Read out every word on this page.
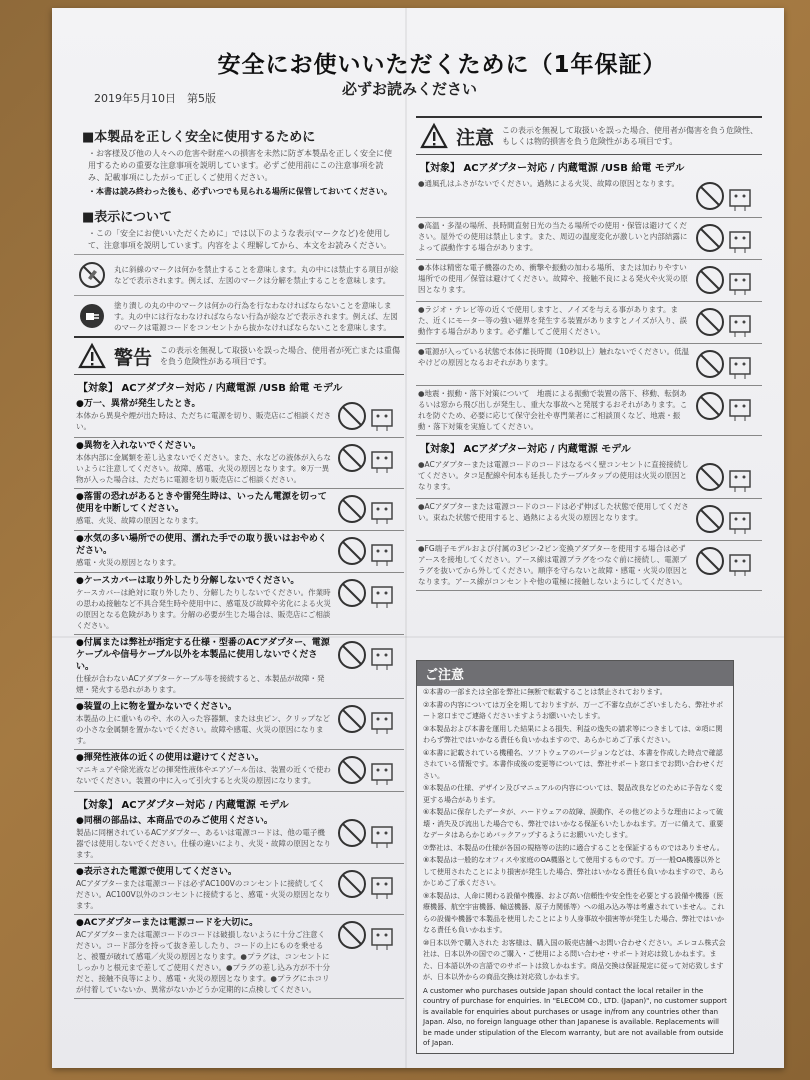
安全にお使いいただくために（1年保証）
必ずお読みください
2019年5月10日　第5版
■本製品を正しく安全に使用するために
・お客様及び他の人々への危害や財産への損害を未然に防ぎ本製品を正しく安全に使用するための重要な注意事項を説明しています。必ずご使用前にこの注意事項を読み、記載事項にしたがって正しくご使用ください。
・本書は読み終わった後も、必ずいつでも見られる場所に保管しておいてください。
■表示について
・この「安全にお使いいただくために」では以下のような表示(マークなど)を使用して、注意事項を説明しています。内容をよく理解してから、本文をお読みください。
丸に斜線のマークは何かを禁止することを意味します。丸の中には禁止する項目が絵などで表示されます。例えば、左図のマークは分解を禁止することを意味します。
塗り潰しの丸の中のマークは何かの行為を行なわなければならないことを意味します。丸の中には行なわなければならない行為が絵などで表示されます。例えば、左図のマークは電源コードをコンセントから抜かなければならないことを意味します。
警告 この表示を無視して取扱いを誤った場合、使用者が死亡または重傷を負う危険性がある項目です。
【対象】 ACアダプター対応 / 内蔵電源 /USB 給電 モデル
●万一、異常が発生したとき。
本体から異臭や煙が出た時は、ただちに電源を切り、販売店にご相談ください。
●異物を入れないでください。
本体内部に金属類を差し込まないでください。また、水などの液体が入らないように注意してください。故障、感電、火災の原因となります。※万一異物が入った場合は、ただちに電源を切り販売店にご相談ください。
●落雷の恐れがあるときや雷発生時は、いったん電源を切って使用を中断してください。
感電、火災、故障の原因となります。
●水気の多い場所での使用、濡れた手での取り扱いはおやめください。
感電・火災の原因となります。
●ケースカバーは取り外したり分解しないでください。
ケースカバーは絶対に取り外したり、分解したりしないでください。作業時の思わぬ接触など不具合発生時や使用中に、感電及び故障や劣化による火災の原因となる危険があります。分解の必要が生じた場合は、販売店にご相談ください。
●付属または弊社が指定する仕様・型番のACアダプター、電源ケーブルや信号ケーブル以外を本製品に使用しないでください。
仕様が合わないACアダプターケーブル等を接続すると、本製品が故障・発煙・発火する恐れがあります。
●装置の上に物を置かないでください。
本製品の上に重いものや、水の入った容器類、または虫ピン、クリップなどの小さな金属類を置かないでください。故障や感電、火災の原因になります。
●揮発性液体の近くの使用は避けてください。
マニキュアや除光液などの揮発性液体やエアゾール缶は、装置の近くで使わないでください。装置の中に入って引火すると火災の原因になります。
【対象】 ACアダプター対応 / 内蔵電源 モデル
●同梱の部品は、本商品でのみご使用ください。
製品に同梱されているACアダプター、あるいは電源コードは、他の電子機器では使用しないでください。仕様の違いにより、火災・故障の原因となります。
●表示された電源で使用してください。
ACアダプターまたは電源コードは必ずAC100Vのコンセントに接続してください。AC100V以外のコンセントに接続すると、感電・火災の原因となります。
●ACアダプターまたは電源コードを大切に。
ACアダプターまたは電源コードのコードは破損しないように十分ご注意ください。コード部分を持って抜き差ししたり、コードの上にものを乗せると、被覆が破れて感電／火災の原因となります。●プラグは、コンセントにしっかりと根元まで差してご使用ください。●プラグの差し込み方が不十分だと、接触不良等により、感電・火災の原因となります。●プラグにホコリが付着していないか、異常がないかどうか定期的に点検してください。
注意 この表示を無視して取扱いを誤った場合、使用者が傷害を負う危険性、もしくは物的損害を負う危険性がある項目です。
【対象】 ACアダプター対応 / 内蔵電源 /USB 給電 モデル
●通風孔はふさがないでください。過熱による火災、故障の原因となります。
●高温・多湿の場所、長時間直射日光の当たる場所での使用・保管は避けてください。屋外での使用は禁止します。また、周辺の温度変化が激しいと内部結露によって誤動作する場合があります。
●本体は精密な電子機器のため、衝撃や振動の加わる場所、または加わりやすい場所での使用／保管は避けてください。故障や、接触不良による発火や火災の原因となります。
●ラジオ・テレビ等の近くで使用しますと、ノイズを与える事があります。また、近くにモーター等の強い磁界を発生する装置がありますとノイズが入り、誤動作する場合があります。必ず離してご使用ください。
●電源が入っている状態で本体に長時間（10秒以上）触れないでください。低温やけどの原因となるおそれがあります。
●地震・振動・落下対策について　地震による振動で装置の落下、移動、転倒あるいは窓から飛び出しが発生し、重大な事故へと発展するおそれがあります。これを防ぐため、必要に応じて保守会社や専門業者にご相談頂くなど、地震・振動・落下対策を実施してください。
【対象】 ACアダプター対応 / 内蔵電源 モデル
●ACアダプターまたは電源コードのコードはなるべく壁コンセントに直接接続してください。タコ足配線や何本も延長したテーブルタップの使用は火災の原因となります。
●ACアダプターまたは電源コードのコードは必ず伸ばした状態で使用してください。束ねた状態で使用すると、過熱による火災の原因となります。
●FG端子モデルおよび付属の3ピン-2ピン変換アダプターを使用する場合は必ずアースを接地してください。アース線は電源プラグをつなぐ前に接続し、電源プラグを抜いてから外してください。順序を守らないと故障・感電・火災の原因となります。アース線がコンセントや他の電極に接触しないようにしてください。
ご注意
①本書の一部または全部を弊社に無断で転載することは禁止されております。
②本書の内容については万全を期しておりますが、万一ご不審な点がございましたら、弊社サポート窓口までご連絡くださいますようお願いいたします。
③本製品および本書を運用した結果による損失、利益の逸失の請求等につきましては、②項に関わらず弊社ではいかなる責任も負いかねますので、あらかじめご了承ください。
④本書に記載されている機種名、ソフトウェアのバージョンなどは、本書を作成した時点で確認されている情報です。本書作成後の変更等については、弊社サポート窓口までお問い合わせください。
⑤本製品の仕様、デザイン及びマニュアルの内容については、製品改良などのために予告なく変更する場合があります。
⑥本製品に保存したデータが、ハードウェアの故障、誤動作、その他どのような理由によって破壊・消失及び流出した場合でも、弊社ではいかなる保証もいたしかねます。万一に備えて、重要なデータはあらかじめバックアップするようにお願いいたします。
⑦弊社は、本製品の仕様が各国の規格等の法的に適合することを保証するものではありません。
⑧本製品は一般的なオフィスや家庭のOA機器として使用するものです。万一一般OA機器以外として使用されたことにより損害が発生した場合、弊社はいかなる責任も負いかねますので、あらかじめご了承ください。
⑨本製品は、人命に関わる設備や機器、および高い信頼性や安全性を必要とする設備や機器（医療機器、航空宇宙機器、輸送機器、原子力関係等）への組み込み等は考慮されていません。これらの設備や機器で本製品を使用したことにより人身事故や損害等が発生した場合、弊社ではいかなる責任も負いかねます。
⑩日本以外で購入された お客様は、購入国の販売店舗へお問い合わせください。エレコム株式会社は、日本以外の国でのご購入・ご使用による問い合わせ・サポート対応は致しかねます。また、日本語以外の言語でのサポートは致しかねます。商品交換は保証規定に従って対応致しますが、日本以外からの商品交換は対応致しかねます。
A customer who purchases outside Japan should contact the local retailer in the country of purchase for enquiries. In "ELECOM CO., LTD. (Japan)", no customer support is available for enquiries about purchases or usage in/from any countries other than Japan. Also, no foreign language other than Japanese is available. Replacements will be made under stipulation of the Elecom warranty, but are not available from outside of Japan.
